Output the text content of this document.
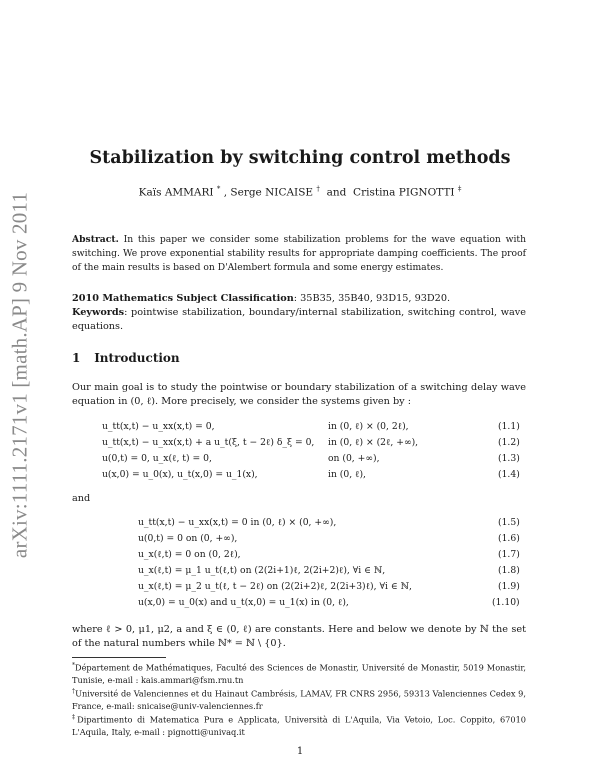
arXiv:1111.2171v1 [math.AP] 9 Nov 2011
Stabilization by switching control methods
Kaïs AMMARI * , Serge NICAISE † and Cristina PIGNOTTI ‡
Abstract. In this paper we consider some stabilization problems for the wave equation with switching. We prove exponential stability results for appropriate damping coefficients. The proof of the main results is based on D'Alembert formula and some energy estimates.
2010 Mathematics Subject Classification: 35B35, 35B40, 93D15, 93D20.
Keywords: pointwise stabilization, boundary/internal stabilization, switching control, wave equations.
1 Introduction
Our main goal is to study the pointwise or boundary stabilization of a switching delay wave equation in (0, ℓ). More precisely, we consider the systems given by :
u_tt(x,t) − u_xx(x,t) = 0,	in (0, ℓ) × (0, 2ℓ),	(1.1)
u_tt(x,t) − u_xx(x,t) + a u_t(ξ, t − 2ℓ) δ_ξ = 0, in (0, ℓ) × (2ℓ, +∞),	(1.2)
u(0,t) = 0, u_x(ℓ, t) = 0,	on (0, +∞),	(1.3)
u(x,0) = u_0(x), u_t(x,0) = u_1(x),	in (0, ℓ),	(1.4)
and
u_tt(x,t) − u_xx(x,t) = 0 in (0, ℓ) × (0, +∞),	(1.5)
u(0,t) = 0 on (0, +∞),	(1.6)
u_x(ℓ,t) = 0 on (0, 2ℓ),	(1.7)
u_x(ℓ,t) = μ_1 u_t(ℓ,t) on (2(2i+1)ℓ, 2(2i+2)ℓ), ∀i ∈ ℕ,	(1.8)
u_x(ℓ,t) = μ_2 u_t(ℓ, t − 2ℓ) on (2(2i+2)ℓ, 2(2i+3)ℓ), ∀i ∈ ℕ,	(1.9)
u(x,0) = u_0(x) and u_t(x,0) = u_1(x) in (0, ℓ),	(1.10)
where ℓ > 0, μ1, μ2, a and ξ ∈ (0, ℓ) are constants. Here and below we denote by ℕ the set of the natural numbers while ℕ* = ℕ \ {0}.
*Département de Mathématiques, Faculté des Sciences de Monastir, Université de Monastir, 5019 Monastir, Tunisie, e-mail : kais.ammari@fsm.rnu.tn
†Université de Valenciennes et du Hainaut Cambrésis, LAMAV, FR CNRS 2956, 59313 Valenciennes Cedex 9, France, e-mail: snicaise@univ-valenciennes.fr
‡Dipartimento di Matematica Pura e Applicata, Università di L'Aquila, Via Vetoio, Loc. Coppito, 67010 L'Aquila, Italy, e-mail : pignotti@univaq.it
1
